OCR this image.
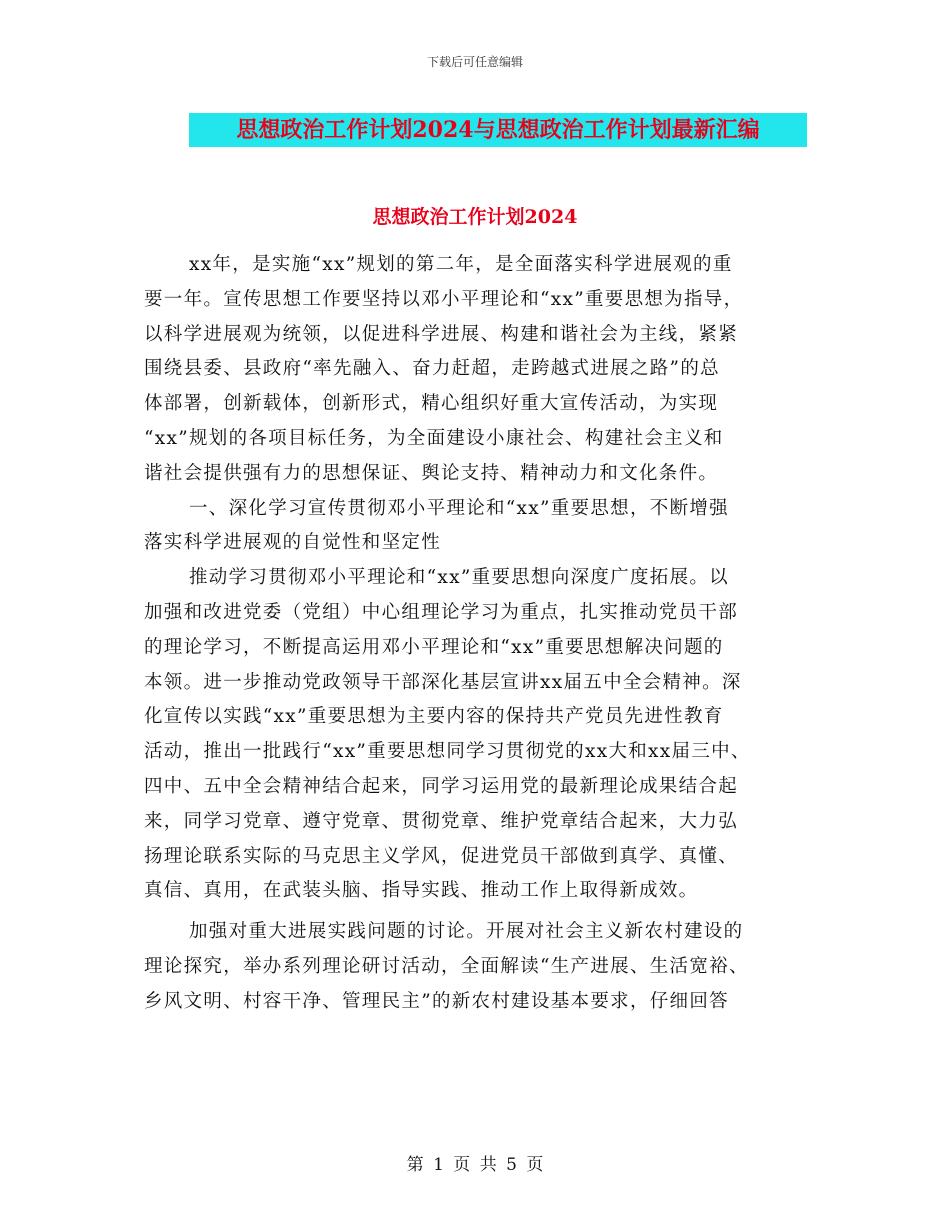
下载后可任意编辑
思想政治工作计划2024与思想政治工作计划最新汇编
思想政治工作计划2024
xx年，是实施“xx”规划的第二年，是全面落实科学进展观的重
要一年。宣传思想工作要坚持以邓小平理论和“xx”重要思想为指导，
以科学进展观为统领，以促进科学进展、构建和谐社会为主线，紧紧
围绕县委、县政府“率先融入、奋力赶超，走跨越式进展之路”的总
体部署，创新载体，创新形式，精心组织好重大宣传活动，为实现
“xx”规划的各项目标任务，为全面建设小康社会、构建社会主义和
谐社会提供强有力的思想保证、舆论支持、精神动力和文化条件。
一、深化学习宣传贯彻邓小平理论和“xx”重要思想，不断增强
落实科学进展观的自觉性和坚定性
推动学习贯彻邓小平理论和“xx”重要思想向深度广度拓展。以
加强和改进党委（党组）中心组理论学习为重点，扎实推动党员干部
的理论学习，不断提高运用邓小平理论和“xx”重要思想解决问题的
本领。进一步推动党政领导干部深化基层宣讲xx届五中全会精神。深
化宣传以实践“xx”重要思想为主要内容的保持共产党员先进性教育
活动，推出一批践行“xx”重要思想同学习贯彻党的xx大和xx届三中、
四中、五中全会精神结合起来，同学习运用党的最新理论成果结合起
来，同学习党章、遵守党章、贯彻党章、维护党章结合起来，大力弘
扬理论联系实际的马克思主义学风，促进党员干部做到真学、真懂、
真信、真用，在武装头脑、指导实践、推动工作上取得新成效。
加强对重大进展实践问题的讨论。开展对社会主义新农村建设的
理论探究，举办系列理论研讨活动，全面解读“生产进展、生活宽裕、
乡风文明、村容干净、管理民主”的新农村建设基本要求，仔细回答
第 1 页 共 5 页
